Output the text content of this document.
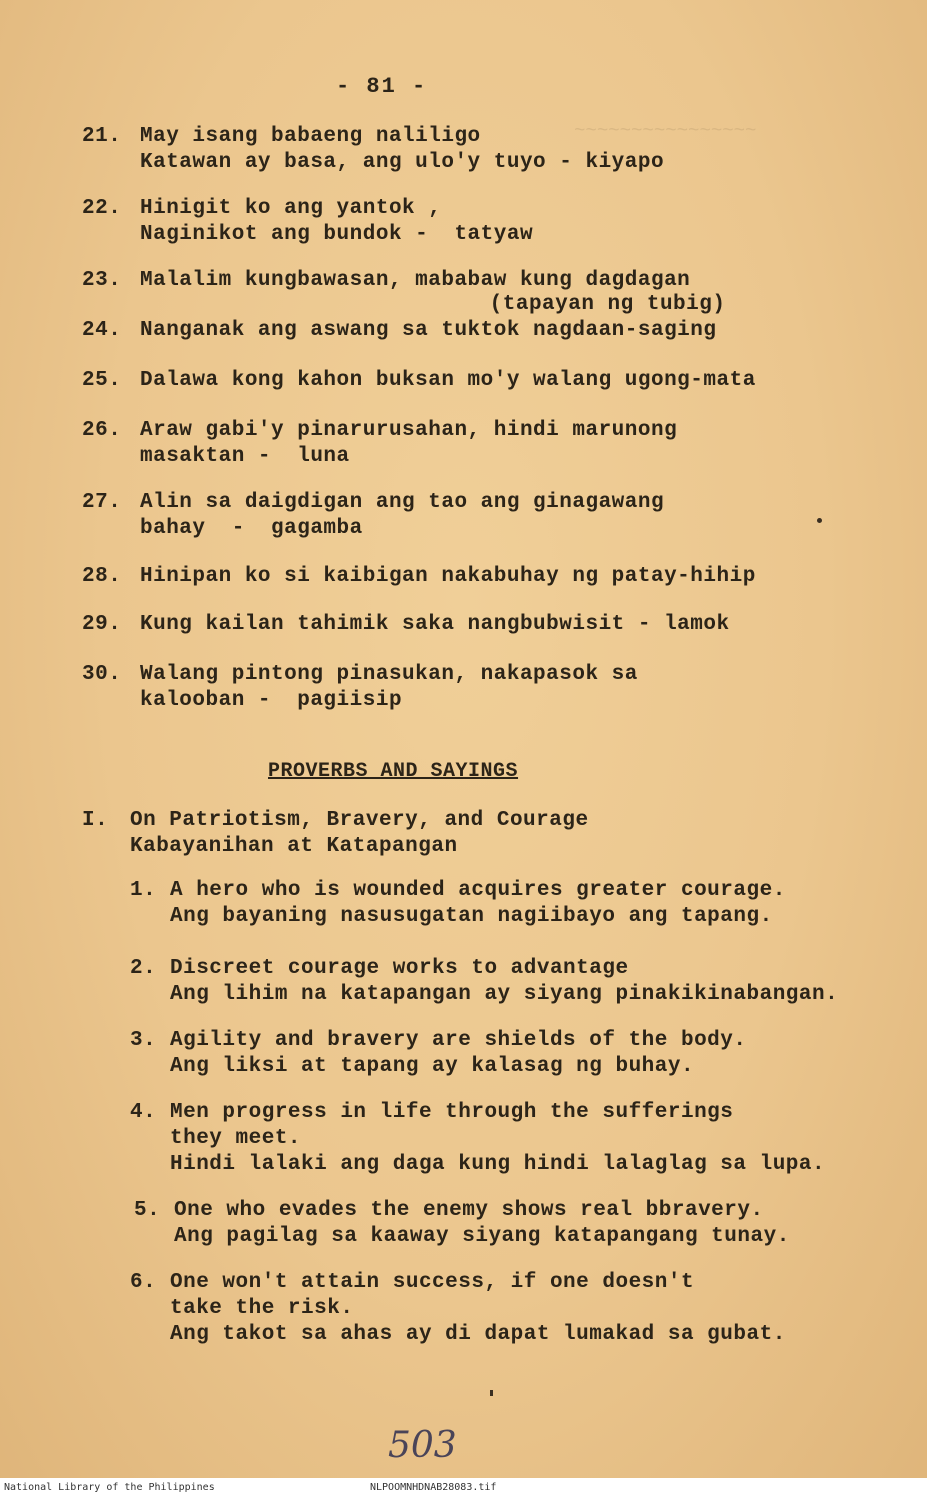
~~~~~~~~~~~~~~~~
- 81 -
21. May isang babaeng naliligo
Katawan ay basa, ang ulo'y tuyo - kiyapo
22. Hinigit ko ang yantok ,
Naginikot ang bundok -  tatyaw
23. Malalim kungbawasan, mababaw kung dagdagan
(tapayan ng tubig)
24. Nanganak ang aswang sa tuktok nagdaan-saging
25. Dalawa kong kahon buksan mo'y walang ugong-mata
26. Araw gabi'y pinarurusahan, hindi marunong
masaktan -  luna
27. Alin sa daigdigan ang tao ang ginagawang
bahay  -  gagamba
28. Hinipan ko si kaibigan nakabuhay ng patay-hihip
29. Kung kailan tahimik saka nangbubwisit - lamok
30. Walang pintong pinasukan, nakapasok sa
kalooban -  pagiisip
PROVERBS AND SAYINGS
I. On Patriotism, Bravery, and Courage
Kabayanihan at Katapangan
1. A hero who is wounded acquires greater courage.
Ang bayaning nasusugatan nagiibayo ang tapang.
2. Discreet courage works to advantage
Ang lihim na katapangan ay siyang pinakikinabangan.
3. Agility and bravery are shields of the body.
Ang liksi at tapang ay kalasag ng buhay.
4. Men progress in life through the sufferings
they meet.
Hindi lalaki ang daga kung hindi lalaglag sa lupa.
5. One who evades the enemy shows real bbravery.
Ang pagilag sa kaaway siyang katapangang tunay.
6. One won't attain success, if one doesn't
take the risk.
Ang takot sa ahas ay di dapat lumakad sa gubat.
503
National Library of the Philippines	NLPOOMNHDNAB28083.tif
